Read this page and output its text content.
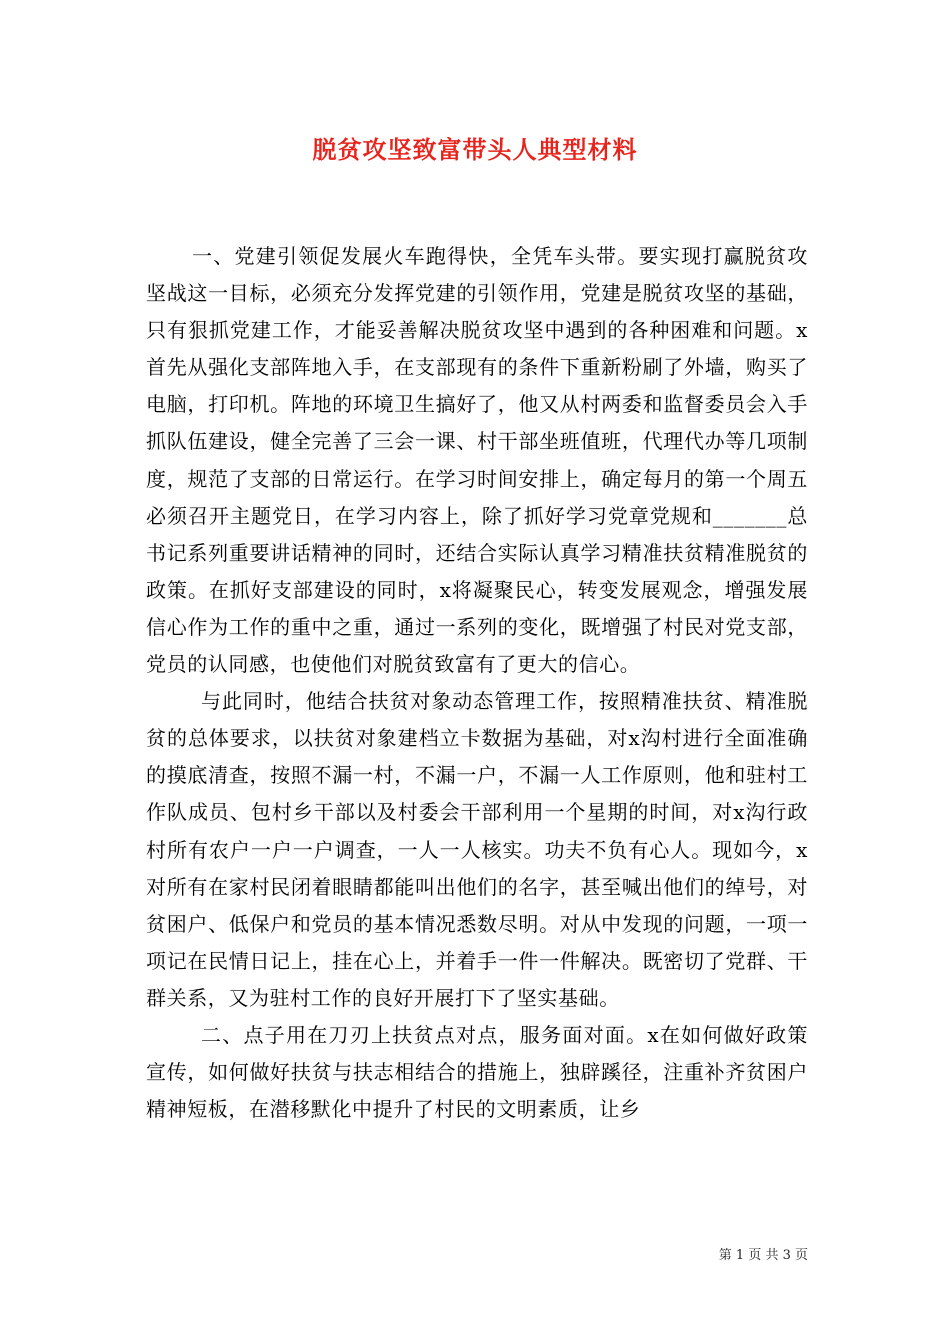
脱贫攻坚致富带头人典型材料

一、党建引领促发展火车跑得快，全凭车头带。要实现打赢脱贫攻坚战这一目标，必须充分发挥党建的引领作用，党建是脱贫攻坚的基础，只有狠抓党建工作，才能妥善解决脱贫攻坚中遇到的各种困难和问题。x首先从强化支部阵地入手，在支部现有的条件下重新粉刷了外墙，购买了电脑，打印机。阵地的环境卫生搞好了，他又从村两委和监督委员会入手抓队伍建设，健全完善了三会一课、村干部坐班值班，代理代办等几项制度，规范了支部的日常运行。在学习时间安排上，确定每月的第一个周五必须召开主题党日，在学习内容上，除了抓好学习党章党规和_______总书记系列重要讲话精神的同时，还结合实际认真学习精准扶贫精准脱贫的政策。在抓好支部建设的同时，x将凝聚民心，转变发展观念，增强发展信心作为工作的重中之重，通过一系列的变化，既增强了村民对党支部，党员的认同感，也使他们对脱贫致富有了更大的信心。

与此同时，他结合扶贫对象动态管理工作，按照精准扶贫、精准脱贫的总体要求，以扶贫对象建档立卡数据为基础，对x沟村进行全面准确的摸底清查，按照不漏一村，不漏一户，不漏一人工作原则，他和驻村工作队成员、包村乡干部以及村委会干部利用一个星期的时间，对x沟行政村所有农户一户一户调查，一人一人核实。功夫不负有心人。现如今，x对所有在家村民闭着眼睛都能叫出他们的名字，甚至喊出他们的绰号，对贫困户、低保户和党员的基本情况悉数尽明。对从中发现的问题，一项一项记在民情日记上，挂在心上，并着手一件一件解决。既密切了党群、干群关系，又为驻村工作的良好开展打下了坚实基础。

二、点子用在刀刃上扶贫点对点，服务面对面。x在如何做好政策宣传，如何做好扶贫与扶志相结合的措施上，独辟蹊径，注重补齐贫困户精神短板，在潜移默化中提升了村民的文明素质，让乡

第 1 页 共 3 页
